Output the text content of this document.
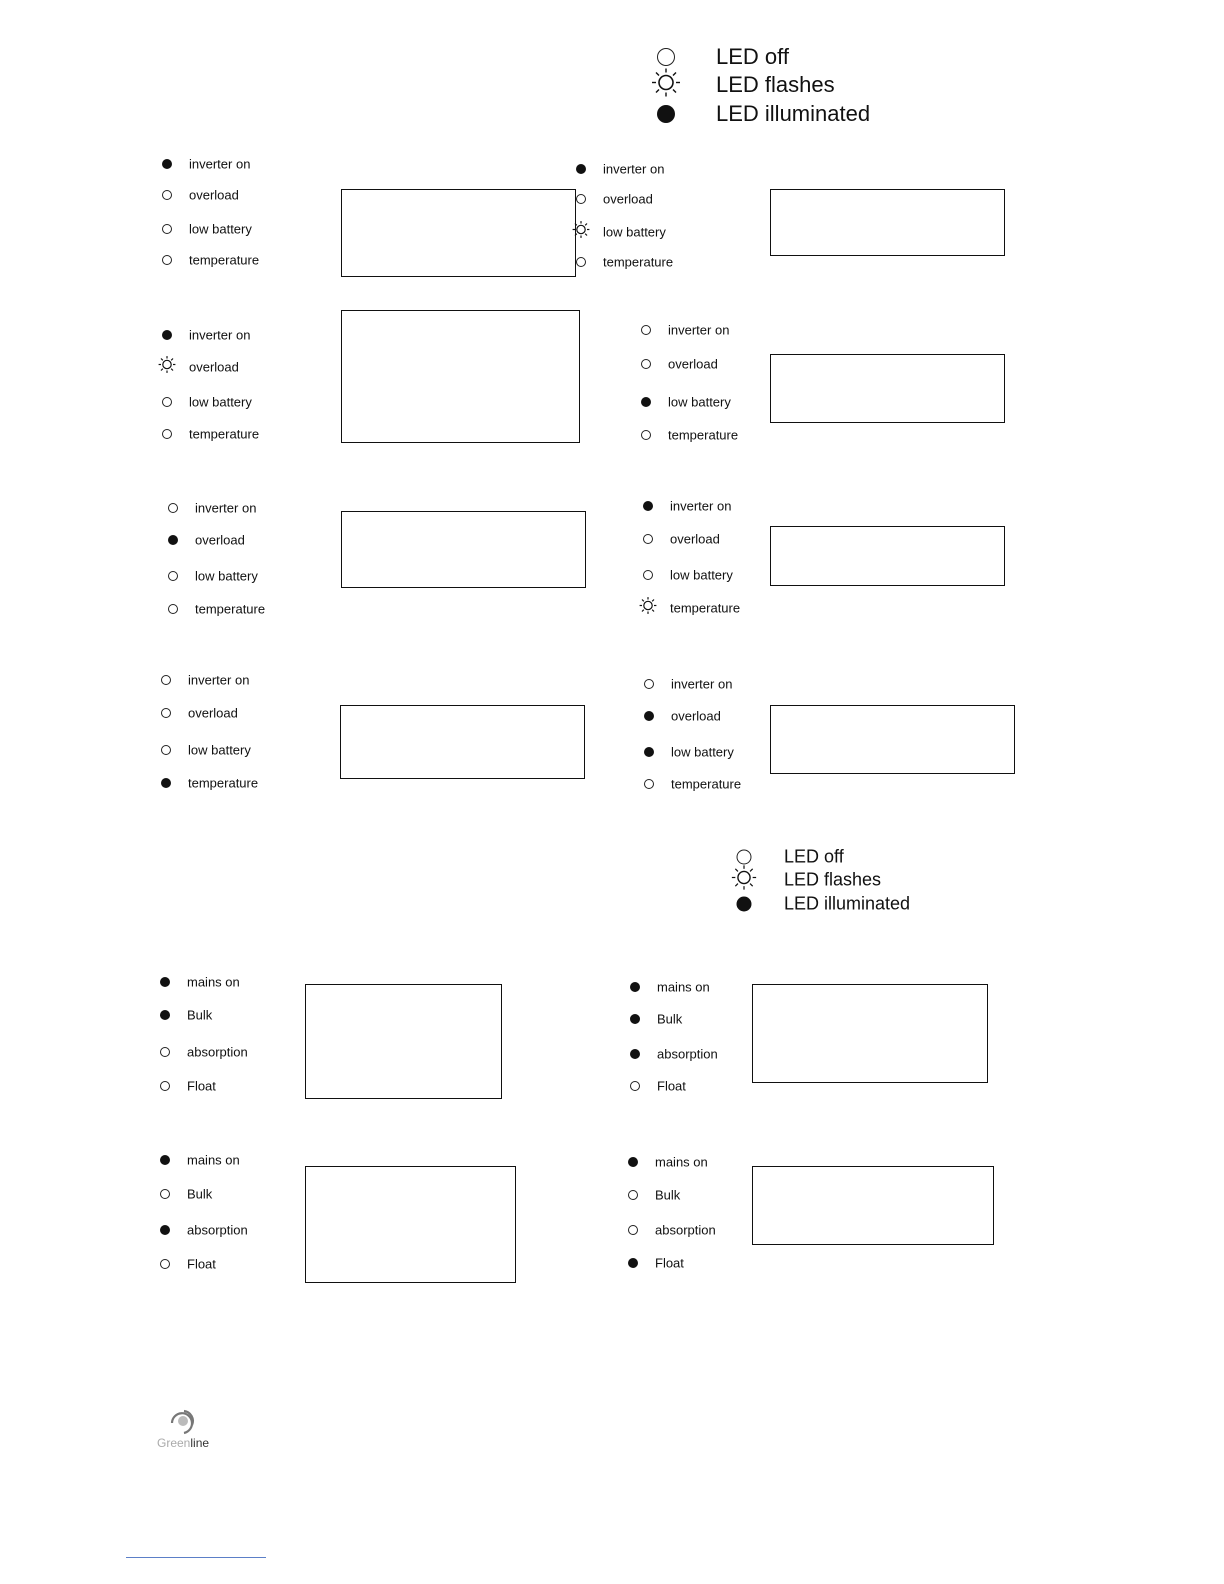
LED off
LED flashes
LED illuminated
LED off
LED flashes
LED illuminated
inverter on
overload
low battery
temperature
inverter on
overload
low battery
temperature
inverter on
overload
low battery
temperature
inverter on
overload
low battery
temperature
inverter on
overload
low battery
temperature
inverter on
overload
low battery
temperature
inverter on
overload
low battery
temperature
inverter on
overload
low battery
temperature
mains on
Bulk
absorption
Float
mains on
Bulk
absorption
Float
mains on
Bulk
absorption
Float
mains on
Bulk
absorption
Float
Greenline
